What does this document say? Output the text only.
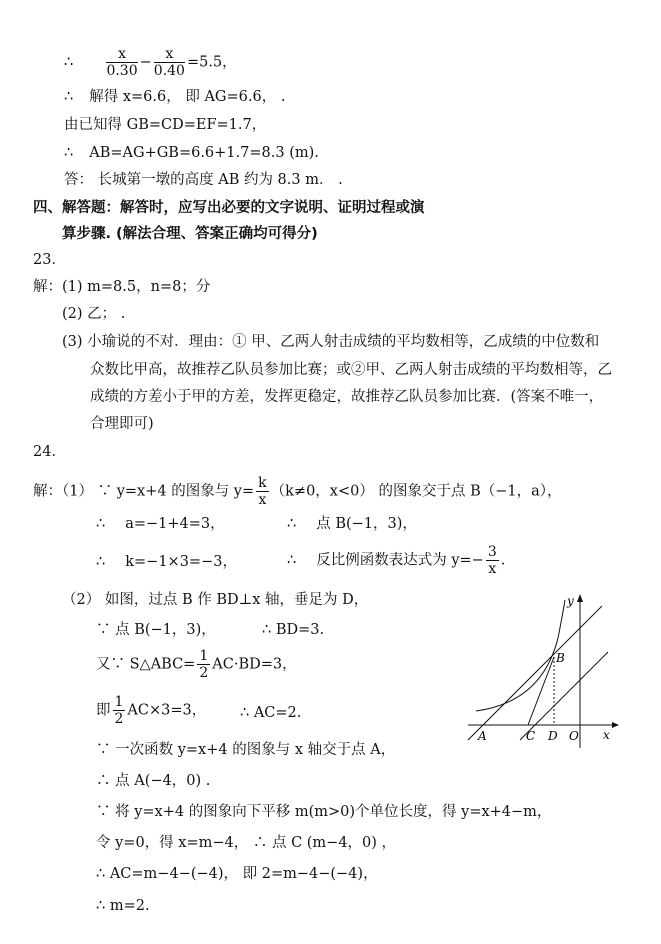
∴ $\frac{x}{0.30} - \frac{x}{0.40} =5.5$，
∴ 解得 x=6.6， 即 AG=6.6， .
由已知得 GB=CD=EF=1.7，
∴ AB=AG+GB=6.6+1.7=8.3 (m).
答： 长城第一墩的高度 AB 约为 8.3 m． .
四、解答题：解答时，应写出必要的文字说明、证明过程或演
算步骤. (解法合理、答案正确均可得分)
23．
解：(1) m=8.5，n=8；分
(2) 乙； .
(3) 小瑜说的不对．理由：① 甲、乙两人射击成绩的平均数相等，乙成绩的中位数和
众数比甲高，故推荐乙队员参加比赛；或②甲、乙两人射击成绩的平均数相等，乙
成绩的方差小于甲的方差，发挥更稳定，故推荐乙队员参加比赛．(答案不唯一，
合理即可)
24．
解：（1） ∵ y=x+4 的图象与 $y= \frac{k}{x} (k\ne 0$，x<0） 的图象交于点 B（−1，a），
∴ a=−1+4=3，	∴ 点 B(−1，3)，
∴ k=−1×3=−3，	∴ 反比例函数表达式为 $y=- \frac{3}{x}$ .
（2） 如图，过点 B 作 BD⊥x 轴，垂足为 D，
∵ 点 B(−1，3)，	∴ BD=3.
又∵ S△ABC= $\frac{1}{2} AC\cdot BD=3$，
即 $\frac{1}{2} AC\times 3=3$， ∴ AC=2.
∵ 一次函数 y=x+4 的图象与 x 轴交于点 A，
∴ 点 A(−4，0) .
∵ 将 y=x+4 的图象向下平移 m(m>0)个单位长度，得 y=x+4−m，
令 y=0，得 x=m−4， ∴ 点 C (m−4，0) ，
∴ AC=m−4−(−4)， 即 2=m−4−(−4)，
∴ m=2.
y
x
A
B
C D O
